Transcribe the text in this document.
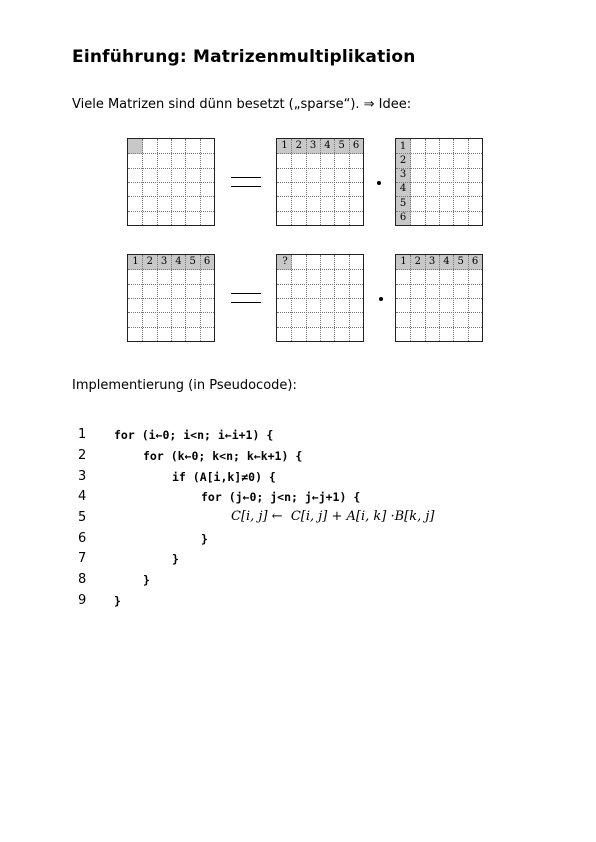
Einführung: Matrizenmultiplikation
Viele Matrizen sind dünn besetzt („sparse“). ⇒ Idee:
1 2 3 4 5 6	1
2
3
4
5
6
1 2 3 4 5 6	?	1 2 3 4 5 6
Implementierung (in Pseudocode):
1
2
3
4
5
6
7
8
9
for (i←0; i<n; i←i+1) {
for (k←0; k<n; k←k+1) {
if (A[i,k]≠0) {
for (j←0; j<n; j←j+1) {
C[i, j] ←  C[i, j] + A[i, k] ·B[k, j]
}
}
}
}
